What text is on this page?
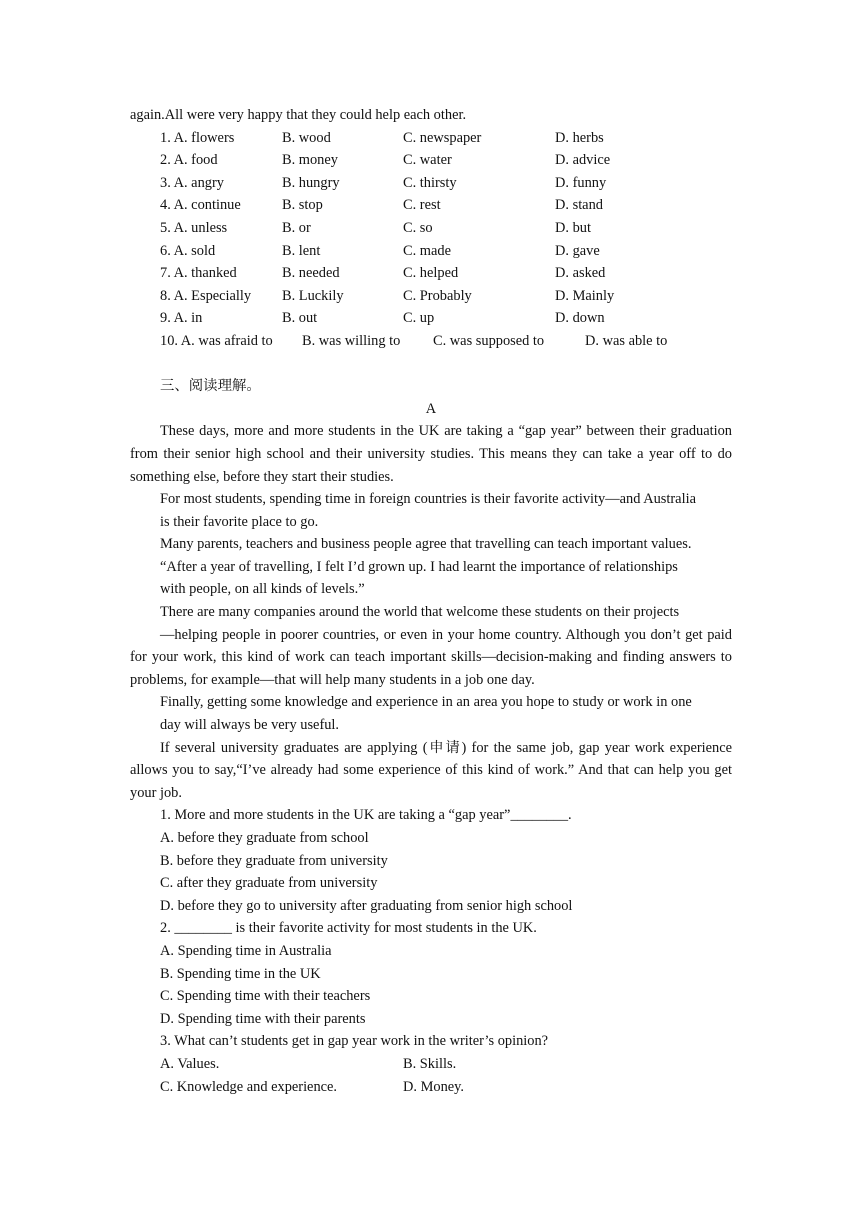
again.All were very happy that they could help each other.
1. A. flowers	B. wood	C. newspaper	D. herbs
2. A. food	B. money	C. water	D. advice
3. A. angry	B. hungry	C. thirsty	D. funny
4. A. continue	B. stop	C. rest	D. stand
5. A. unless	B. or	C. so	D. but
6. A. sold	B. lent	C. made	D. gave
7. A. thanked	B. needed	C. helped	D. asked
8. A. Especially B. Luckily	C. Probably	D. Mainly
9. A. in	B. out	C. up	D. down
10. A. was afraid to B. was willing to C. was supposed to	D. was able to
三、阅读理解。
A
These days, more and more students in the UK are taking a “gap year” between their graduation from their senior high school and their university studies. This means they can take a year off to do something else, before they start their studies.
For most students, spending time in foreign countries is their favorite activity—and Australia
is their favorite place to go.
Many parents, teachers and business people agree that travelling can teach important values.
“After a year of travelling, I felt I’d grown up. I had learnt the importance of relationships
with people, on all kinds of levels.”
There are many companies around the world that welcome these students on their projects
—helping people in poorer countries, or even in your home country. Although you don’t get paid for your work, this kind of work can teach important skills—decision-making and finding answers to problems, for example—that will help many students in a job one day.
Finally, getting some knowledge and experience in an area you hope to study or work in one
day will always be very useful.
If several university graduates are applying (申请) for the same job, gap year work experience allows you to say,“I’ve already had some experience of this kind of work.” And that can help you get your job.
1. More and more students in the UK are taking a “gap year”________.
A. before they graduate from school
B. before they graduate from university
C. after they graduate from university
D. before they go to university after graduating from senior high school
2. ________ is their favorite activity for most students in the UK.
A. Spending time in Australia
B. Spending time in the UK
C. Spending time with their teachers
D. Spending time with their parents
3. What can’t students get in gap year work in the writer’s opinion?
A. Values.	B. Skills.
C. Knowledge and experience.	D. Money.
